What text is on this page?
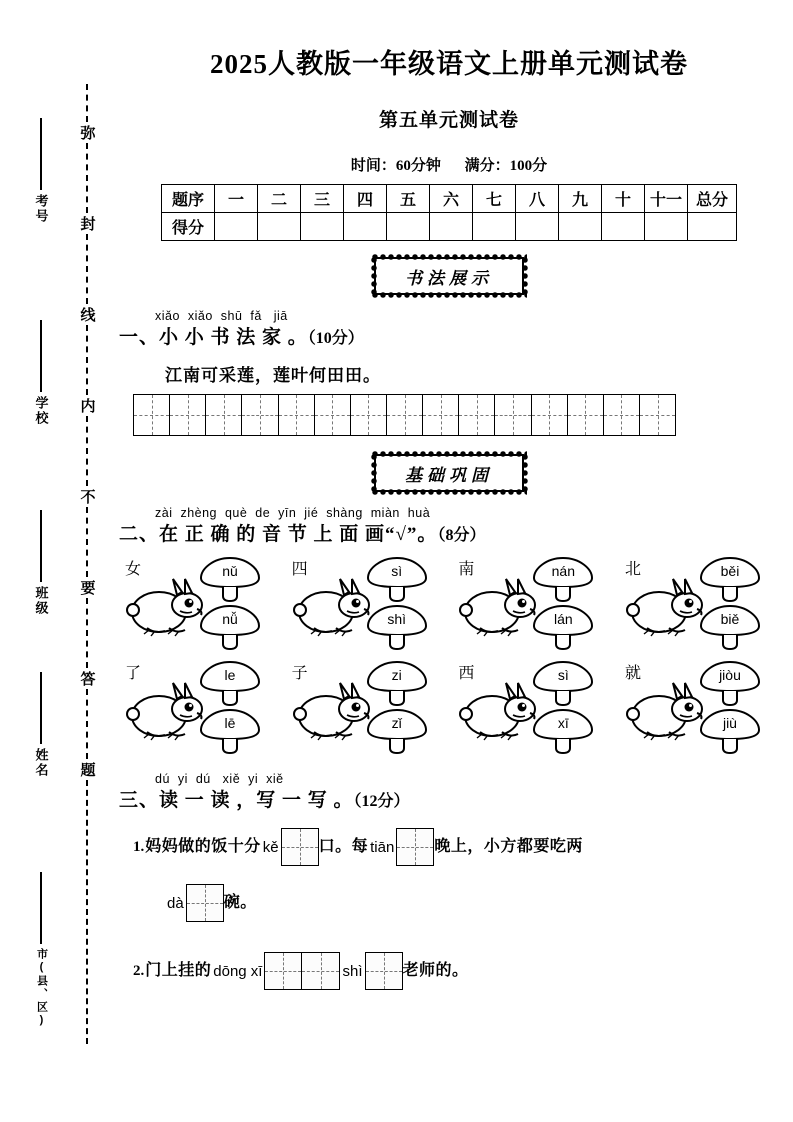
考号
学校
班级
姓名
市(县、区)
弥
封
线
内
不
要
答
题
2025人教版一年级语文上册单元测试卷
第五单元测试卷
时间：60分钟 满分：100分
题序	一	二	三	四	五	六	七	八	九	十	十一	总分
得分												
书法展示
xiǎo xiǎo shū fǎ jiā
一、小 小 书 法 家 。（10分）
江南可采莲，莲叶何田田。
基础巩固
zài zhèng què de yīn jié shàng miàn huà
二、在 正 确 的 音 节 上 面 画“√”。（8分）
女	nǔ
nǚ
四	sì
shì
南	nán
lán
北	běi
biě
了	le
lē
子	zi
zǐ
西	sì
xī
就	jiòu
jiù
dú yi dú xiě yi xiě
三、读 一 读 ，写 一 写 。（12分）
1. 妈妈做的饭十分 kě	口。每 tiān	晚上，小方都要吃两
dà	碗。
2. 门上挂的 dōng xī	shì	老师的。
